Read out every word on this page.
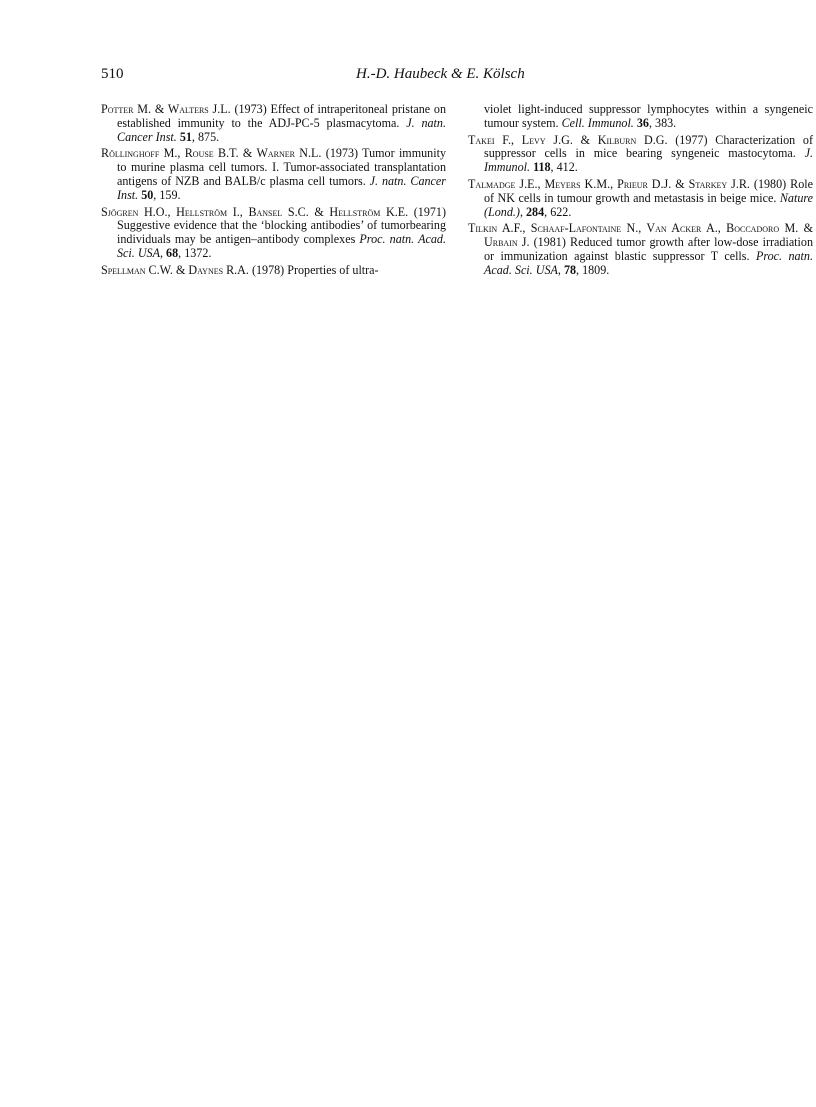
510	H.-D. Haubeck & E. Kölsch

Potter M. & Walters J.L. (1973) Effect of intraperitoneal pristane on established immunity to the ADJ-PC-5 plasmacytoma. J. natn. Cancer Inst. 51, 875.

Röllinghoff M., Rouse B.T. & Warner N.L. (1973) Tumor immunity to murine plasma cell tumors. I. Tumor-associated transplantation antigens of NZB and BALB/c plasma cell tumors. J. natn. Cancer Inst. 50, 159.

Sjögren H.O., Hellström I., Bansel S.C. & Hellström K.E. (1971) Suggestive evidence that the ‘blocking antibodies’ of tumorbearing individuals may be antigen–antibody complexes Proc. natn. Acad. Sci. USA, 68, 1372.

Spellman C.W. & Daynes R.A. (1978) Properties of ultra-

violet light-induced suppressor lymphocytes within a syngeneic tumour system. Cell. Immunol. 36, 383.

Takei F., Levy J.G. & Kilburn D.G. (1977) Characterization of suppressor cells in mice bearing syngeneic mastocytoma. J. Immunol. 118, 412.

Talmadge J.E., Meyers K.M., Prieur D.J. & Starkey J.R. (1980) Role of NK cells in tumour growth and metastasis in beige mice. Nature (Lond.), 284, 622.

Tilkin A.F., Schaaf-Lafontaine N., Van Acker A., Boccadoro M. & Urbain J. (1981) Reduced tumor growth after low-dose irradiation or immunization against blastic suppressor T cells. Proc. natn. Acad. Sci. USA, 78, 1809.
